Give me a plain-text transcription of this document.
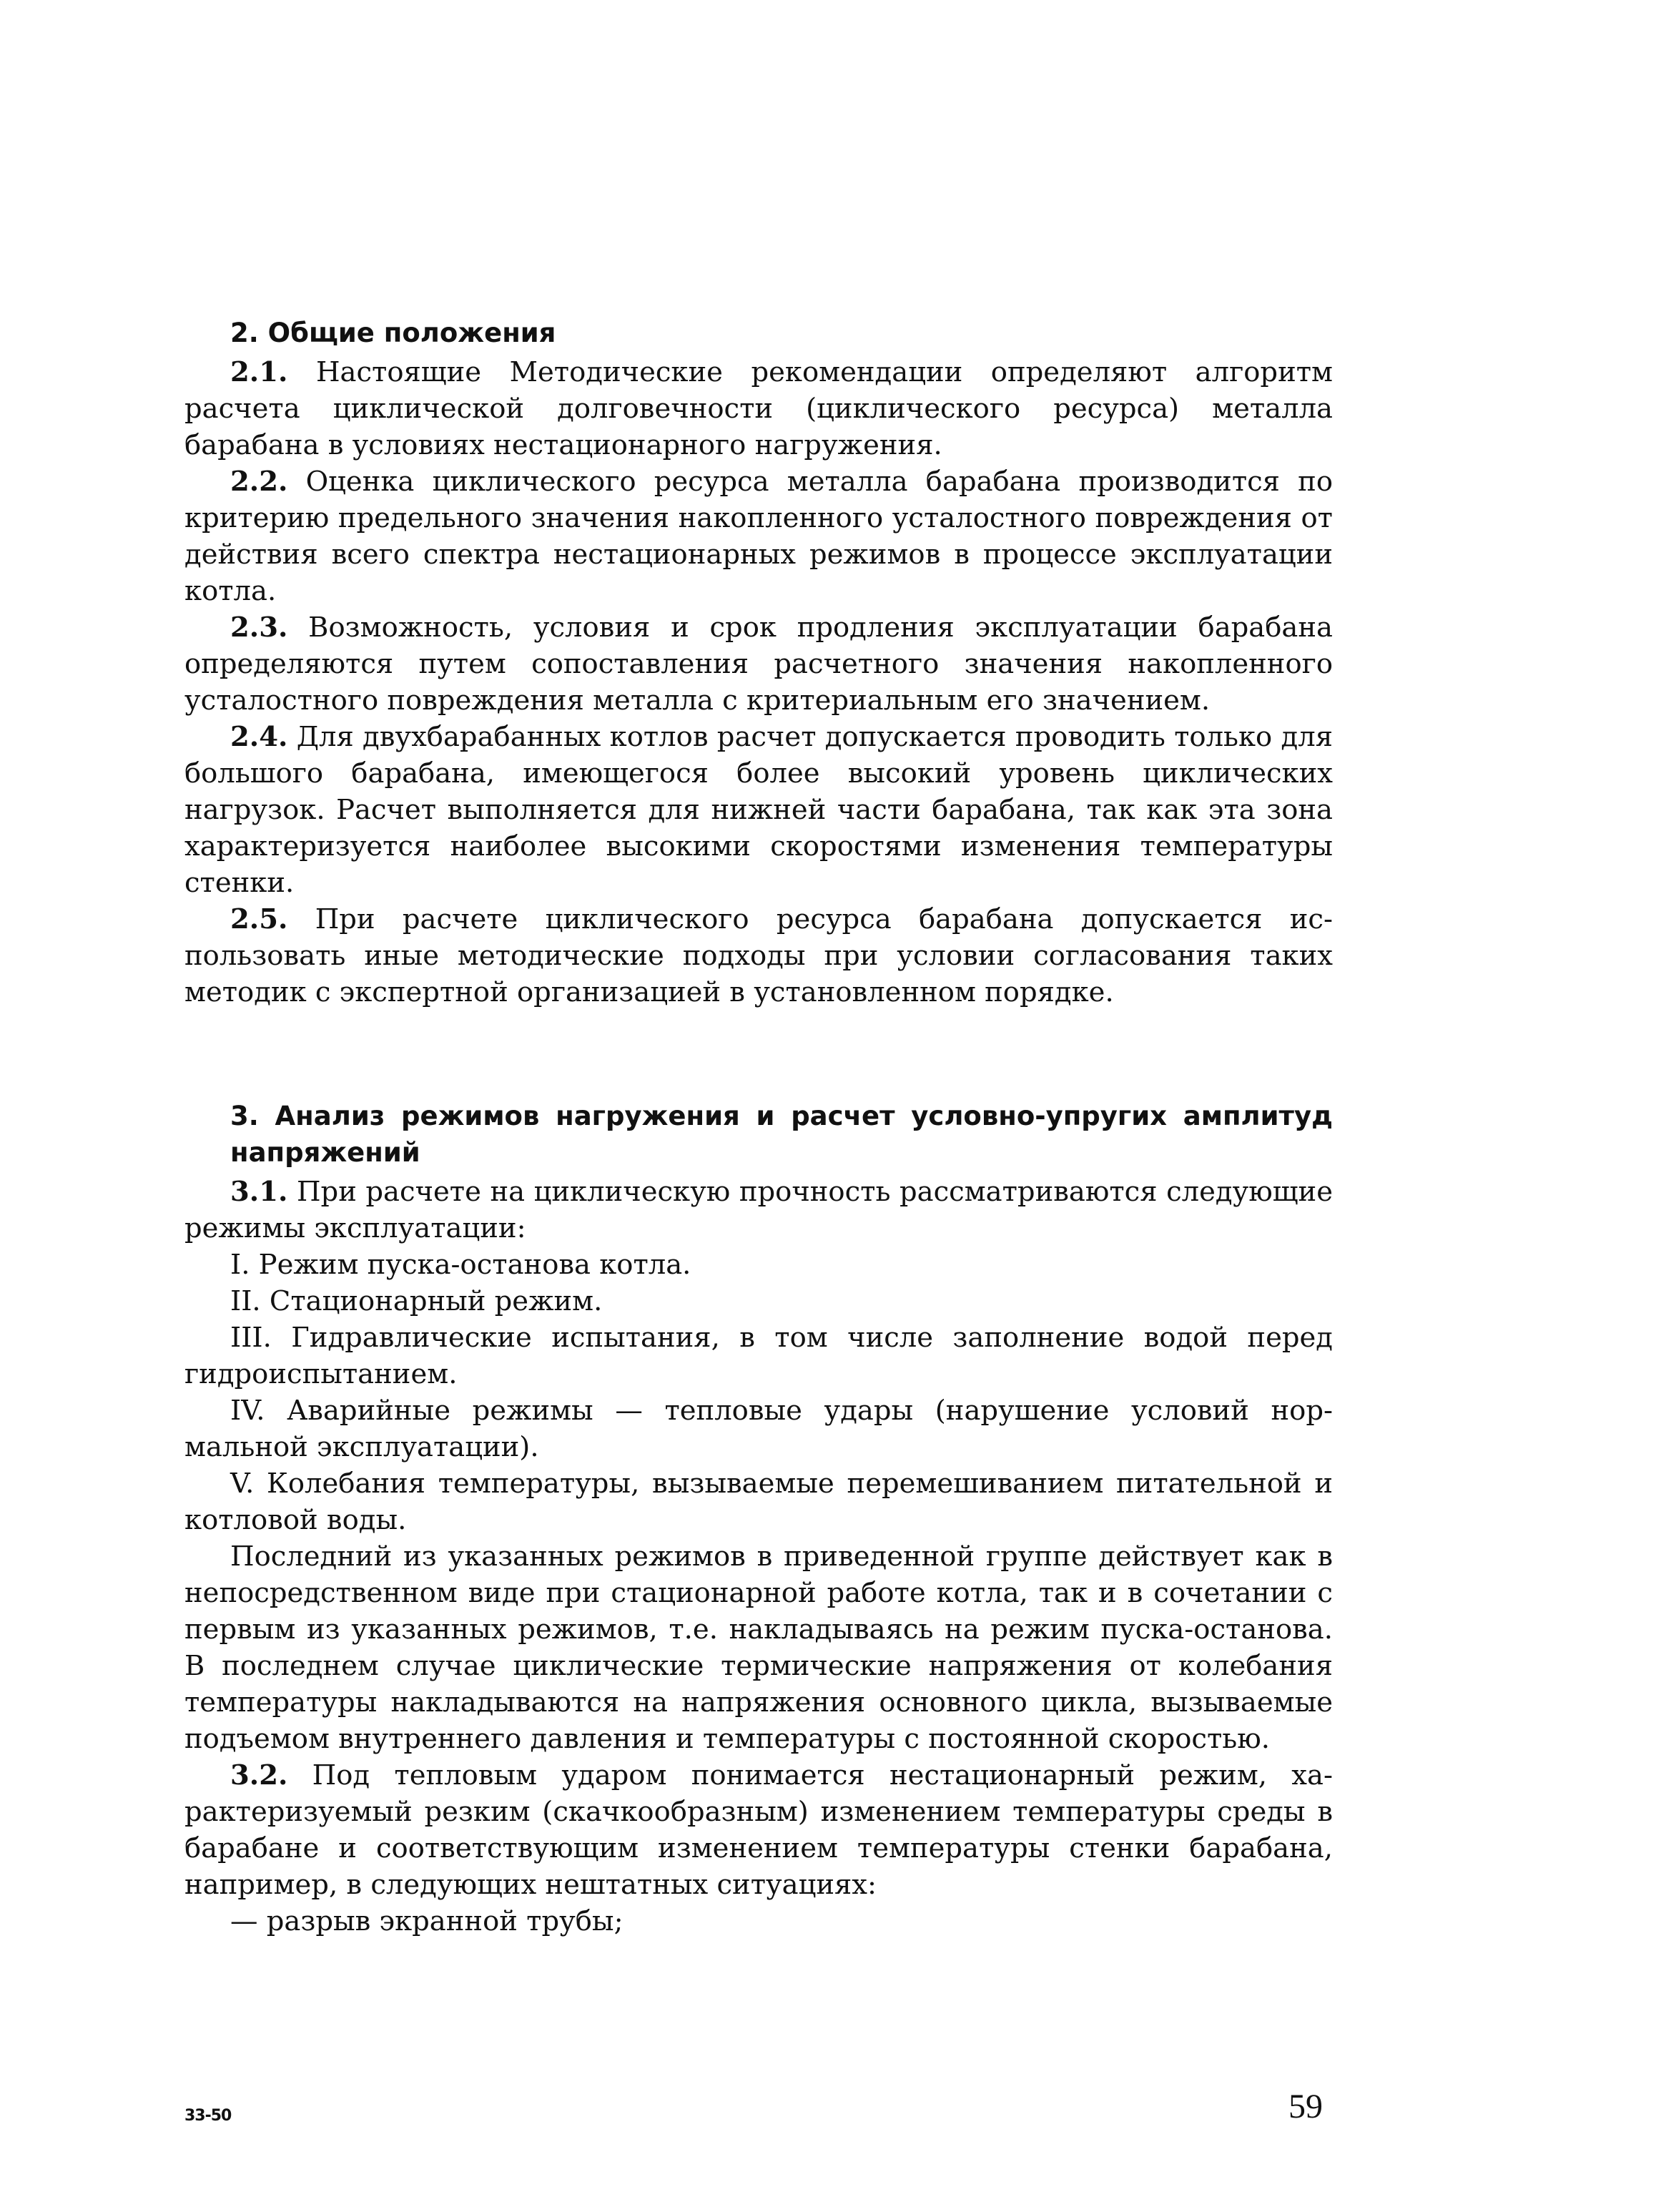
2. Общие положения

2.1. Настоящие Методические рекомендации определяют алгоритм расчета циклической долговечности (циклического ресурса) металла барабана в условиях нестационарного нагружения.

2.2. Оценка циклического ресурса металла барабана производится по критерию предельного значения накопленного усталостного повреждения от действия всего спектра нестационарных режимов в процессе эксплуатации котла.

2.3. Возможность, условия и срок продления эксплуатации барабана определяются путем сопоставления расчетного значения накопленного усталостного повреждения металла с критериальным его значением.

2.4. Для двухбарабанных котлов расчет допускается проводить только для большого барабана, имеющегося более высокий уровень циклических нагрузок. Расчет выполняется для нижней части барабана, так как эта зона характеризуется наиболее высокими скоростями изменения температуры стенки.

2.5. При расчете циклического ресурса барабана допускается использовать иные методические подходы при условии согласования таких методик с экспертной организацией в установленном порядке.

3. Анализ режимов нагружения и расчет условно-упругих амплитуд напряжений

3.1. При расчете на циклическую прочность рассматриваются следующие режимы эксплуатации:

I. Режим пуска-останова котла.

II. Стационарный режим.

III. Гидравлические испытания, в том числе заполнение водой перед гидроиспытанием.

IV. Аварийные режимы — тепловые удары (нарушение условий нормальной эксплуатации).

V. Колебания температуры, вызываемые перемешиванием питательной и котловой воды.

Последний из указанных режимов в приведенной группе действует как в непосредственном виде при стационарной работе котла, так и в сочетании с первым из указанных режимов, т.е. накладываясь на режим пуска-останова. В последнем случае циклические термические напряжения от колебания температуры накладываются на напряжения основного цикла, вызываемые подъемом внутреннего давления и температуры с постоянной скоростью.

3.2. Под тепловым ударом понимается нестационарный режим, характеризуемый резким (скачкообразным) изменением температуры среды в барабане и соответствующим изменением температуры стенки барабана, например, в следующих нештатных ситуациях:

— разрыв экранной трубы;

33-50	59
